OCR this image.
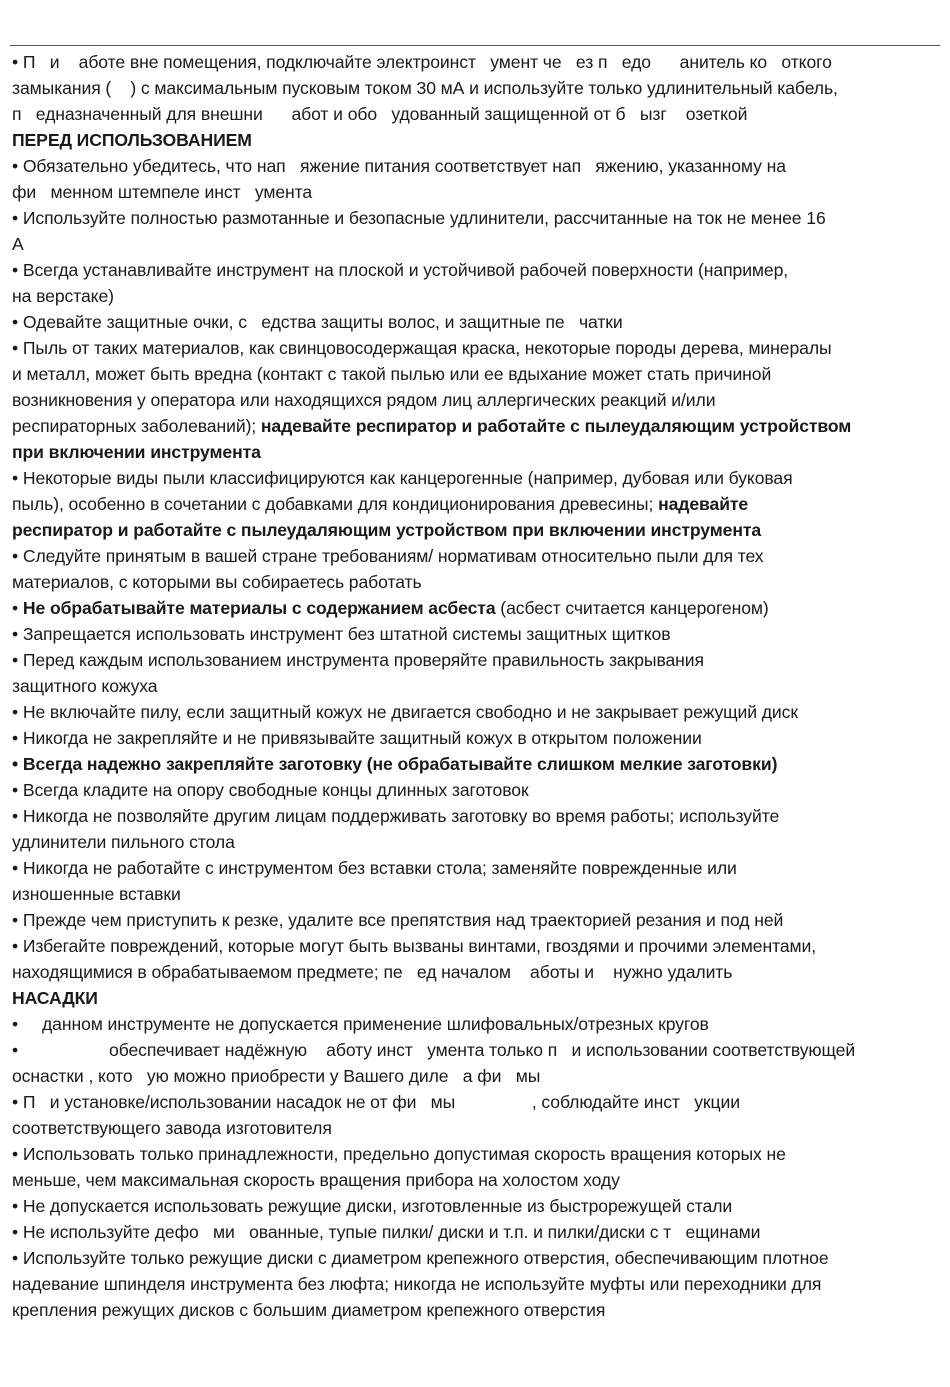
• П   и    аботе вне помещения, подключайте электроинст   умент че   ез п   едо      анитель ко   откого
замыкания (    ) с максимальным пусковым током 30 мА и используйте только удлинительный кабель,
п   едназначенный для внешни      абот и обо   удованный защищенной от б   ызг    озеткой
ПЕРЕД ИСПОЛЬЗОВАНИЕМ
• Обязательно убедитесь, что нап   яжение питания соответствует нап   яжению, указанному на
фи   менном штемпеле инст   умента
• Используйте полностью размотанные и безопасные удлинители, рассчитанные на ток не менее 16
А
• Всегда устанавливайте инструмент на плоской и устойчивой рабочей поверхности (например,
на верстаке)
• Одевайте защитные очки, с   едства защиты волос, и защитные пе   чатки
• Пыль от таких материалов, как свинцовосодержащая краска, некоторые породы дерева, минералы
и металл, может быть вредна (контакт с такой пылью или ее вдыхание может стать причиной
возникновения у оператора или находящихся рядом лиц аллергических реакций и/или
респираторных заболеваний); надевайте респиратор и работайте с пылеудаляющим устройством
при включении инструмента
• Некоторые виды пыли классифицируются как канцерогенные (например, дубовая или буковая
пыль), особенно в сочетании с добавками для кондиционирования древесины; надевайте
респиратор и работайте с пылеудаляющим устройством при включении инструмента
• Следуйте принятым в вашей стране требованиям/ нормативам относительно пыли для тех
материалов, с которыми вы собираетесь работать
• Не обрабатывайте материалы с содержанием асбеста (асбест считается канцерогеном)
• Запрещается использовать инструмент без штатной системы защитных щитков
• Перед каждым использованием инструмента проверяйте правильность закрывания
защитного кожуха
• Не включайте пилу, если защитный кожух не двигается свободно и не закрывает режущий диск
• Никогда не закрепляйте и не привязывайте защитный кожух в открытом положении
• Всегда надежно закрепляйте заготовку (не обрабатывайте слишком мелкие заготовки)
• Всегда кладите на опору свободные концы длинных заготовок
• Никогда не позволяйте другим лицам поддерживать заготовку во время работы; используйте
удлинители пильного стола
• Никогда не работайте с инструментом без вставки стола; заменяйте поврежденные или
изношенные вставки
• Прежде чем приступить к резке, удалите все препятствия над траекторией резания и под ней
• Избегайте повреждений, которые могут быть вызваны винтами, гвоздями и прочими элементами,
находящимися в обрабатываемом предмете; пе   ед началом    аботы и    нужно удалить
НАСАДКИ
•     данном инструменте не допускается применение шлифовальных/отрезных кругов
•                   обеспечивает надёжную    аботу инст   умента только п   и использовании соответствующей
оснастки , кото   ую можно приобрести у Вашего диле   а фи   мы
• П   и установке/использовании насадок не от фи   мы                , соблюдайте инст   укции
соответствующего завода изготовителя
• Использовать только принадлежности, предельно допустимая скорость вращения которых не
меньше, чем максимальная скорость вращения прибора на холостом ходу
• Не допускается использовать режущие диски, изготовленные из быстрорежущей стали
• Не используйте дефо   ми   ованные, тупые пилки/ диски и т.п. и пилки/диски с т   ещинами
• Используйте только режущие диски с диаметром крепежного отверстия, обеспечивающим плотное
надевание шпинделя инструмента без люфта; никогда не используйте муфты или переходники для
крепления режущих дисков с большим диаметром крепежного отверстия
